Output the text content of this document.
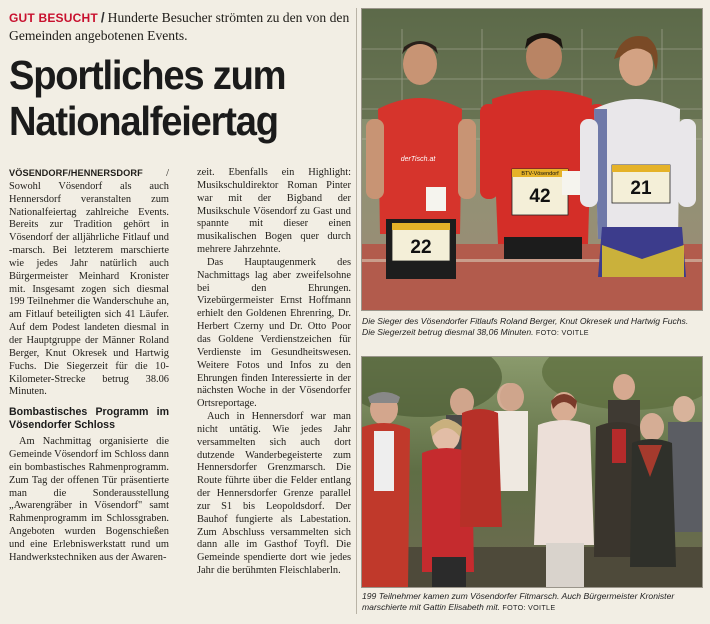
GUT BESUCHT / Hunderte Besucher strömten zu den von den Gemeinden angebotenen Events.
Sportliches zum
Nationalfeiertag

VÖSENDORF/HENNERSDORF / Sowohl Vösendorf als auch Hennersdorf veranstalten zum Nationalfeiertag zahlreiche Events. Bereits zur Tradition gehört in Vösendorf der alljährliche Fitlauf und -marsch. Bei letzterem marschierte wie jedes Jahr natürlich auch Bürgermeister Meinhard Kronister mit. Insgesamt zogen sich diesmal 199 Teilnehmer die Wanderschuhe an, am Fitlauf beteiligten sich 41 Läufer. Auf dem Podest landeten diesmal in der Hauptgruppe der Männer Roland Berger, Knut Okresek und Hartwig Fuchs. Die Siegerzeit für die 10-Kilometer-Strecke betrug 38.06 Minuten.

Bombastisches Programm im Vösendorfer Schloss

Am Nachmittag organisierte die Gemeinde Vösendorf im Schloss dann ein bombastisches Rahmenprogramm. Zum Tag der offenen Tür präsentierte man die Sonderausstellung „Awarengräber in Vösendorf" samt Rahmenprogramm im Schlossgraben. Angeboten wurden Bogenschießen und eine Erlebniswerkstatt rund um Handwerkstechniken aus der Awaren-

zeit. Ebenfalls ein Highlight: Musikschuldirektor Roman Pinter war mit der Bigband der Musikschule Vösendorf zu Gast und spannte mit dieser einen musikalischen Bogen quer durch mehrere Jahrzehnte.

Das Hauptaugenmerk des Nachmittags lag aber zweifelsohne bei den Ehrungen. Vizebürgermeister Ernst Hoffmann erhielt den Goldenen Ehrenring, Dr. Herbert Czerny und Dr. Otto Poor das Goldene Verdienstzeichen für Verdienste im Gesundheitswesen. Weitere Fotos und Infos zu den Ehrungen finden Interessierte in der nächsten Woche in der Vösendorfer Ortsreportage.

Auch in Hennersdorf war man nicht untätig. Wie jedes Jahr versammelten sich auch dort dutzende Wanderbegeisterte zum Hennersdorfer Grenzmarsch. Die Route führte über die Felder entlang der Hennersdorfer Grenze parallel zur S1 bis Leopoldsdorf. Der Bauhof fungierte als Labestation. Zum Abschluss versammelten sich dann alle im Gasthof Toyfl. Die Gemeinde spendierte dort wie jedes Jahr die berühmten Fleischlaberln.

22
derTisch.at
42
BTV-Vösendorf
21
Die Sieger des Vösendorfer Fitlaufs Roland Berger, Knut Okresek und Hartwig Fuchs. Die Siegerzeit betrug diesmal 38,06 Minuten. FOTO: VOITLE
199 Teilnehmer kamen zum Vösendorfer Fitmarsch. Auch Bürgermeister Kronister marschierte mit Gattin Elisabeth mit. FOTO: VOITLE
